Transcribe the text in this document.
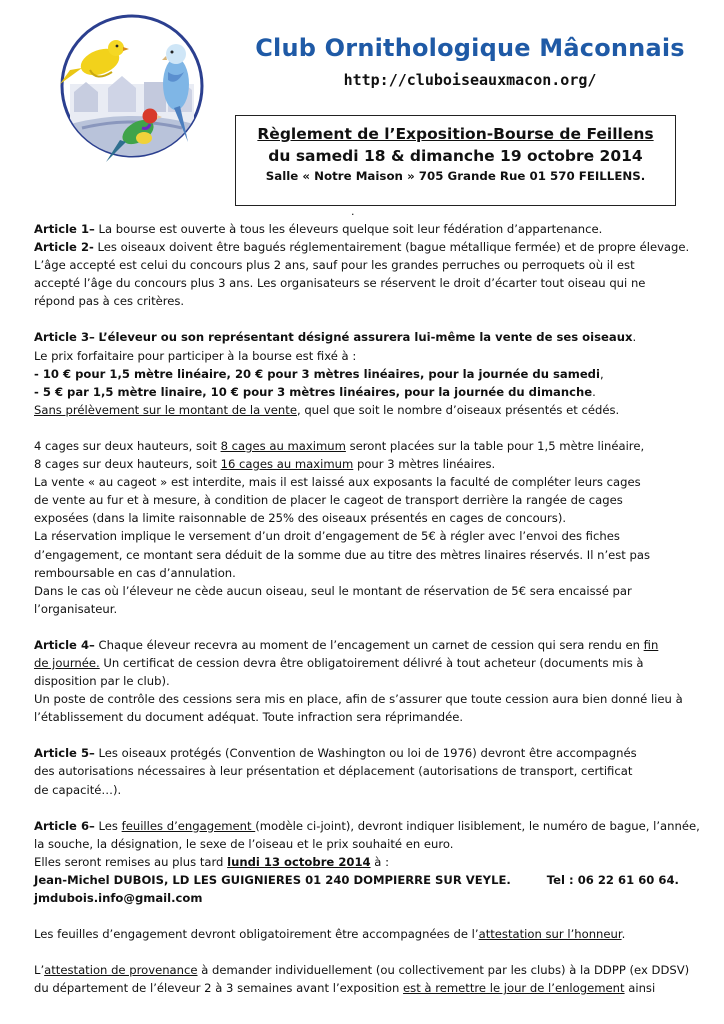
Club Ornithologique Mâconnais
http://cluboiseauxmacon.org/
Règlement de l’Exposition-Bourse de Feillens
du samedi 18 & dimanche 19 octobre 2014
Salle « Notre Maison » 705 Grande Rue 01 570 FEILLENS.
.

Article 1– La bourse est ouverte à tous les éleveurs quelque soit leur fédération d’appartenance.

Article 2- Les oiseaux doivent être bagués réglementairement (bague métallique fermée) et de propre élevage.

L’âge accepté est celui du concours plus 2 ans, sauf pour les grandes perruches ou perroquets où il est

accepté l’âge du concours plus 3 ans. Les organisateurs se réservent le droit d’écarter tout oiseau qui ne

répond pas à ces critères.

Article 3– L’éleveur ou son représentant désigné assurera lui-même la vente de ses oiseaux.

Le prix forfaitaire pour participer à la bourse est fixé à :

- 10 € pour 1,5 mètre linéaire, 20 € pour 3 mètres linéaires, pour la journée du samedi,

- 5 € par 1,5 mètre linaire, 10 € pour 3 mètres linéaires, pour la journée du dimanche.

Sans prélèvement sur le montant de la vente, quel que soit le nombre d’oiseaux présentés et cédés.

4 cages sur deux hauteurs, soit 8 cages au maximum seront placées sur la table pour 1,5 mètre linéaire,

8 cages sur deux hauteurs, soit 16 cages au maximum pour 3 mètres linéaires.

La vente « au cageot » est interdite, mais il est laissé aux exposants la faculté de compléter leurs cages

de vente au fur et à mesure, à condition de placer le cageot de transport derrière la rangée de cages

exposées (dans la limite raisonnable de 25% des oiseaux présentés en cages de concours).

La réservation implique le versement d’un droit d’engagement de 5€ à régler avec l’envoi des fiches

d’engagement, ce montant sera déduit de la somme due au titre des mètres linaires réservés. Il n’est pas

remboursable en cas d’annulation.

Dans le cas où l’éleveur ne cède aucun oiseau, seul le montant de réservation de 5€ sera encaissé par

l’organisateur.

Article 4– Chaque éleveur recevra au moment de l’encagement un carnet de cession qui sera rendu en fin

de journée. Un certificat de cession devra être obligatoirement délivré à tout acheteur (documents mis à

disposition par le club).

Un poste de contrôle des cessions sera mis en place, afin de s’assurer que toute cession aura bien donné lieu à

l’établissement du document adéquat. Toute infraction sera réprimandée.

Article 5– Les oiseaux protégés (Convention de Washington ou loi de 1976) devront être accompagnés

des autorisations nécessaires à leur présentation et déplacement (autorisations de transport, certificat

de capacité…).

Article 6– Les feuilles d’engagement (modèle ci-joint), devront indiquer lisiblement, le numéro de bague, l’année,

la souche, la désignation, le sexe de l’oiseau et le prix souhaité en euro.

Elles seront remises au plus tard lundi 13 octobre 2014 à :

Jean-Michel DUBOIS, LD LES GUIGNIERES 01 240 DOMPIERRE SUR VEYLE.	Tel : 06 22 61 60 64.

jmdubois.info@gmail.com

Les feuilles d’engagement devront obligatoirement être accompagnées de l’attestation sur l’honneur.

L’attestation de provenance à demander individuellement (ou collectivement par les clubs) à la DDPP (ex DDSV)

du département de l’éleveur 2 à 3 semaines avant l’exposition est à remettre le jour de l’enlogement ainsi
